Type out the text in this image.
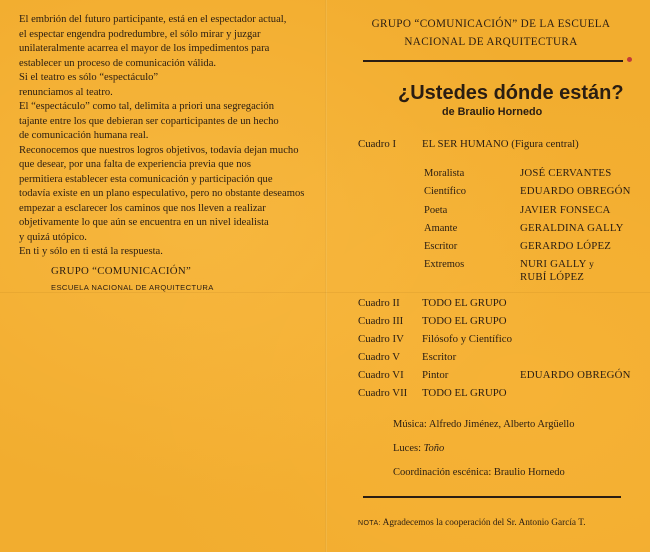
El embrión del futuro participante, está en el espectador actual,

el espectar engendra podredumbre, el sólo mirar y juzgar

unilateralmente acarrea el mayor de los impedimentos para

establecer un proceso de comunicación válida.

Si el teatro es sólo “espectáculo”

renunciamos al teatro.

El “espectáculo” como tal, delimita a priori una segregación

tajante entre los que debieran ser coparticipantes de un hecho

de comunicación humana real.

Reconocemos que nuestros logros objetivos, todavía dejan mucho

que desear, por una falta de experiencia previa que nos

permitiera establecer esta comunicación y participación que

todavía existe en un plano especulativo, pero no obstante deseamos

empezar a esclarecer los caminos que nos lleven a realizar

objetivamente lo que aún se encuentra en un nivel idealista

y quizá utópico.

En ti y sólo en ti está la respuesta.

GRUPO “COMUNICACIÓN”
ESCUELA NACIONAL DE ARQUITECTURA
GRUPO “COMUNICACIÓN” DE LA ESCUELA
NACIONAL DE ARQUITECTURA
¿Ustedes dónde están?
de Braulio Hornedo
Cuadro I EL SER HUMANO (Figura central)
Moralista	JOSÉ CERVANTES
Científico	EDUARDO OBREGÓN
Poeta	JAVIER FONSECA
Amante	GERALDINA GALLY
Escritor	GERARDO LÓPEZ
Extremos	NURI GALLY y
RUBÍ LÓPEZ
Cuadro II TODO EL GRUPO
Cuadro III TODO EL GRUPO
Cuadro IV Filósofo y Científico
Cuadro V Escritor
Cuadro VI Pintor	EDUARDO OBREGÓN
Cuadro VII TODO EL GRUPO
Música: Alfredo Jiménez, Alberto Argüello
Luces: Toño
Coordinación escénica: Braulio Hornedo
NOTA: Agradecemos la cooperación del Sr. Antonio García T.
